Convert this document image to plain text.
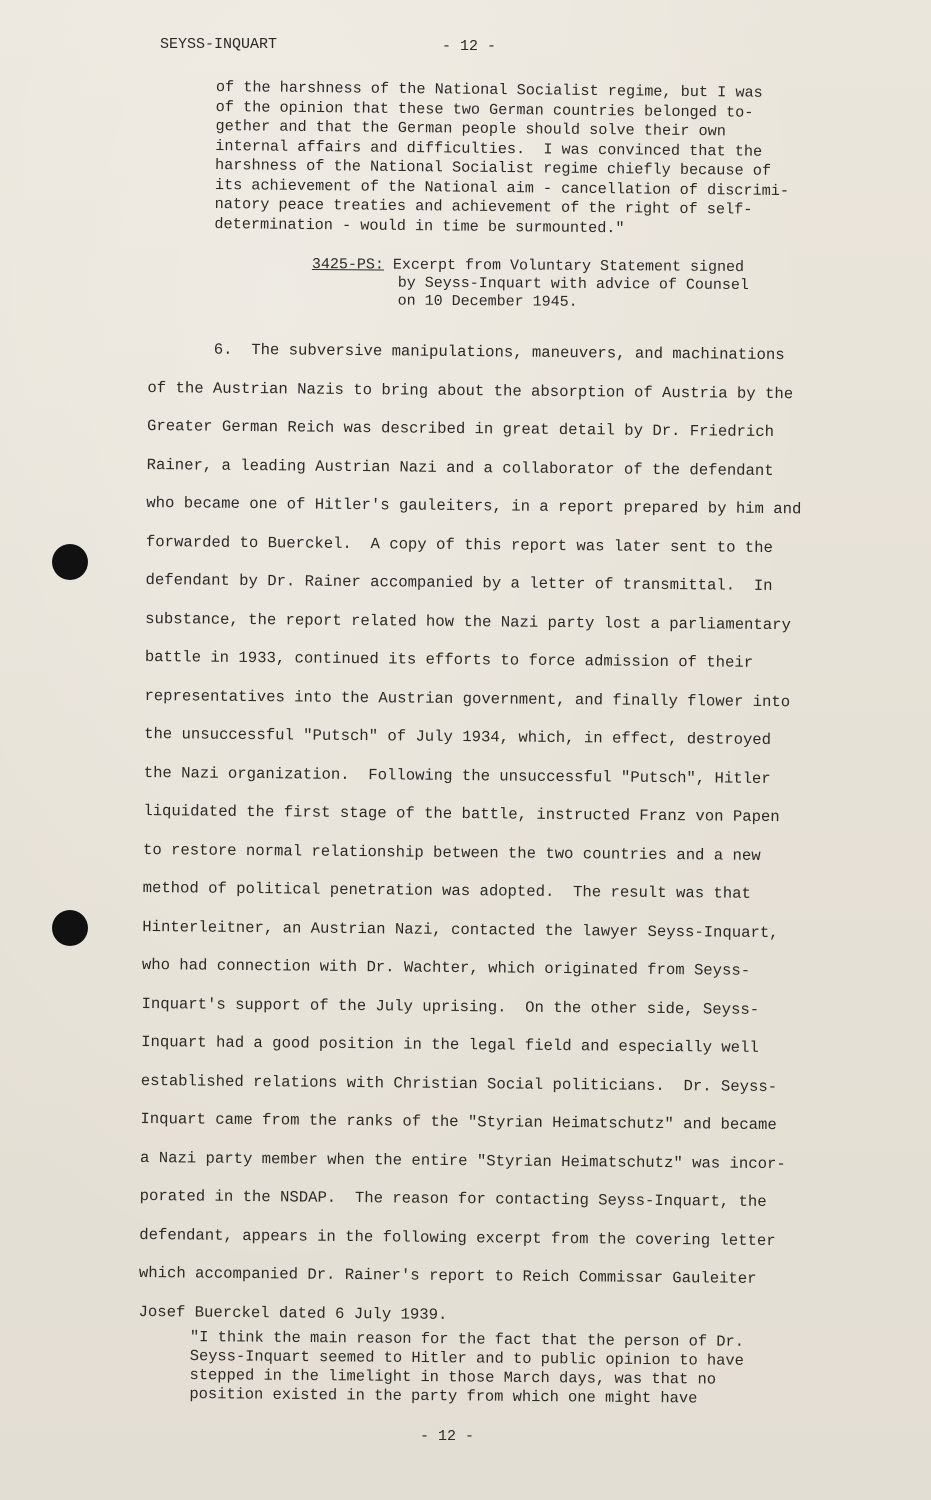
SEYSS-INQUART	- 12 -
of the harshness of the National Socialist regime, but I was
of the opinion that these two German countries belonged to-
gether and that the German people should solve their own
internal affairs and difficulties.  I was convinced that the
harshness of the National Socialist regime chiefly because of
its achievement of the National aim - cancellation of discrimi-
natory peace treaties and achievement of the right of self-
determination - would in time be surmounted."
3425-PS: Excerpt from Voluntary Statement signed
by Seyss-Inquart with advice of Counsel
on 10 December 1945.
6.  The subversive manipulations, maneuvers, and machinations
of the Austrian Nazis to bring about the absorption of Austria by the
Greater German Reich was described in great detail by Dr. Friedrich
Rainer, a leading Austrian Nazi and a collaborator of the defendant
who became one of Hitler's gauleiters, in a report prepared by him and
forwarded to Buerckel.  A copy of this report was later sent to the
defendant by Dr. Rainer accompanied by a letter of transmittal.  In
substance, the report related how the Nazi party lost a parliamentary
battle in 1933, continued its efforts to force admission of their
representatives into the Austrian government, and finally flower into
the unsuccessful "Putsch" of July 1934, which, in effect, destroyed
the Nazi organization.  Following the unsuccessful "Putsch", Hitler
liquidated the first stage of the battle, instructed Franz von Papen
to restore normal relationship between the two countries and a new
method of political penetration was adopted.  The result was that
Hinterleitner, an Austrian Nazi, contacted the lawyer Seyss-Inquart,
who had connection with Dr. Wachter, which originated from Seyss-
Inquart's support of the July uprising.  On the other side, Seyss-
Inquart had a good position in the legal field and especially well
established relations with Christian Social politicians.  Dr. Seyss-
Inquart came from the ranks of the "Styrian Heimatschutz" and became
a Nazi party member when the entire "Styrian Heimatschutz" was incor-
porated in the NSDAP.  The reason for contacting Seyss-Inquart, the
defendant, appears in the following excerpt from the covering letter
which accompanied Dr. Rainer's report to Reich Commissar Gauleiter
Josef Buerckel dated 6 July 1939.
"I think the main reason for the fact that the person of Dr.
Seyss-Inquart seemed to Hitler and to public opinion to have
stepped in the limelight in those March days, was that no
position existed in the party from which one might have
- 12 -
